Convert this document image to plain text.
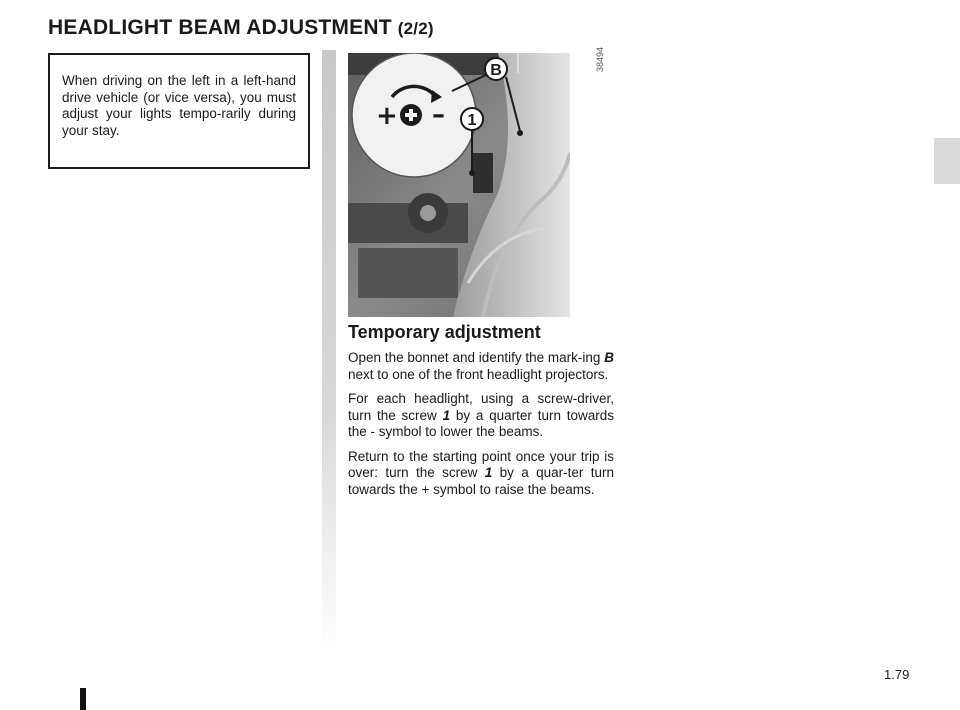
HEADLIGHT BEAM ADJUSTMENT (2/2)
When driving on the left in a left-hand drive vehicle (or vice versa), you must adjust your lights tempo-rarily during your stay.	+ –
B
1
38494
Temporary adjustment

Open the bonnet and identify the mark-ing B next to one of the front headlight projectors.

For each headlight, using a screw-driver, turn the screw 1 by a quarter turn towards the - symbol to lower the beams.

Return to the starting point once your trip is over: turn the screw 1 by a quar-ter turn towards the + symbol to raise the beams.

1.79
